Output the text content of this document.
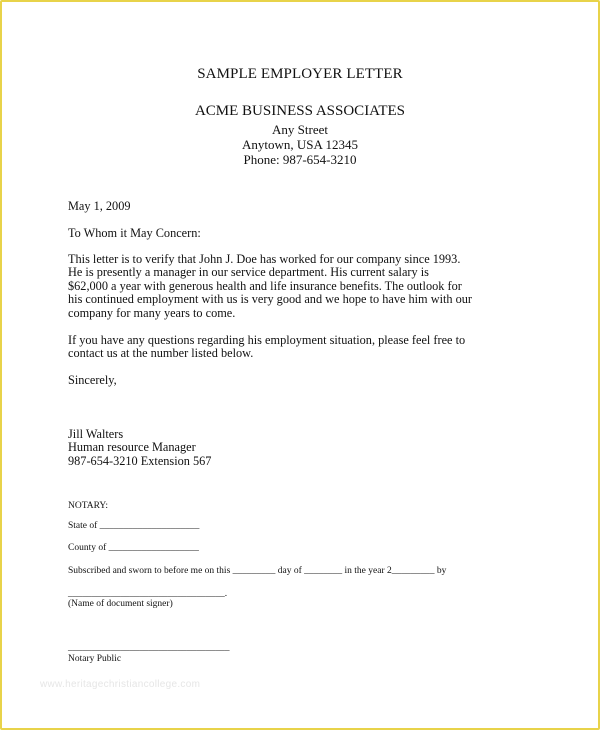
SAMPLE EMPLOYER LETTER
ACME BUSINESS ASSOCIATES
Any Street
Anytown, USA 12345
Phone: 987-654-3210
May 1, 2009
To Whom it May Concern:
This letter is to verify that John J. Doe has worked for our company since 1993.
He is presently a manager in our service department. His current salary is
$62,000 a year with generous health and life insurance benefits. The outlook for
his continued employment with us is very good and we hope to have him with our
company for many years to come.
If you have any questions regarding his employment situation, please feel free to
contact us at the number listed below.
Sincerely,
Jill Walters
Human resource Manager
987-654-3210 Extension 567
NOTARY:
State of _____________________
County of ___________________
Subscribed and sworn to before me on this _________ day of ________ in the year 2_________ by
_________________________________.
(Name of document signer)
__________________________________
Notary Public
www.heritagechristiancollege.com
